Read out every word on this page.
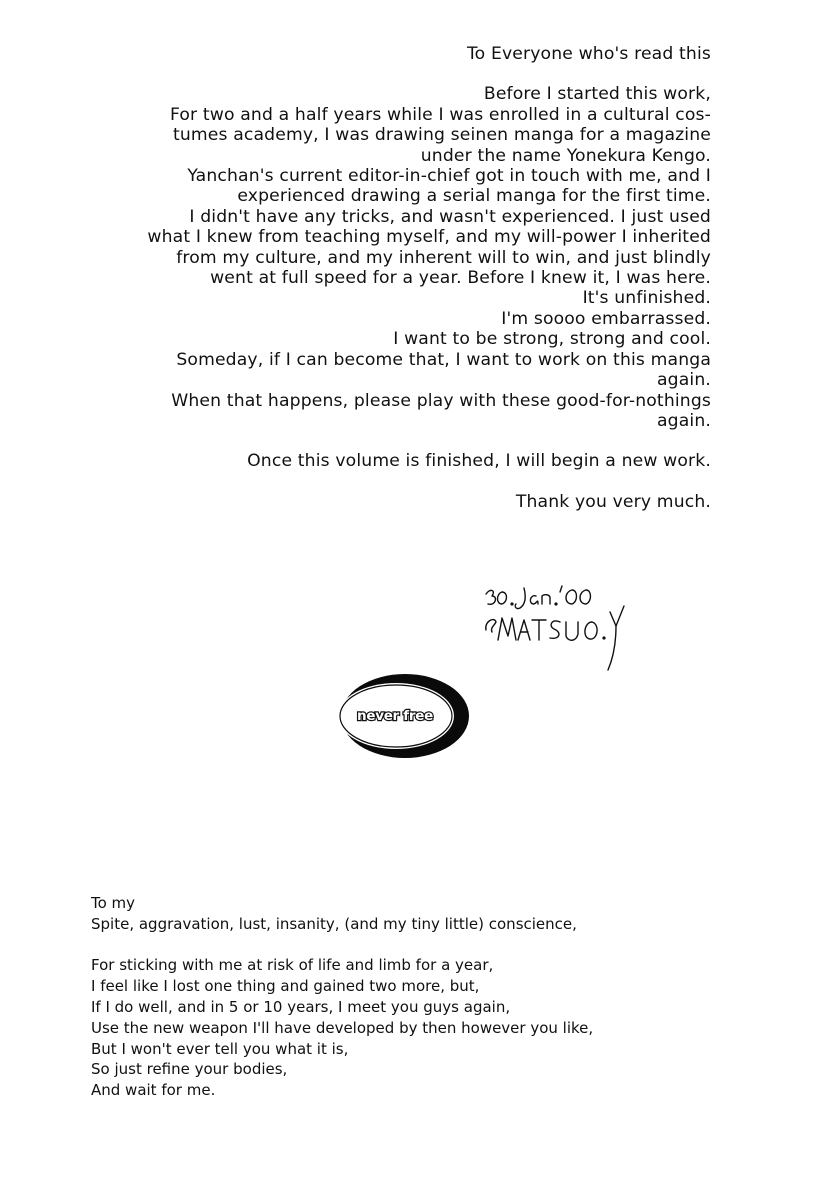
To Everyone who's read this
Before I started this work,
For two and a half years while I was enrolled in a cultural cos-
tumes academy, I was drawing seinen manga for a magazine
under the name Yonekura Kengo.
Yanchan's current editor-in-chief got in touch with me, and I
experienced drawing a serial manga for the first time.
I didn't have any tricks, and wasn't experienced. I just used
what I knew from teaching myself, and my will-power I inherited
from my culture, and my inherent will to win, and just blindly
went at full speed for a year. Before I knew it, I was here.
It's unfinished.
I'm soooo embarrassed.
I want to be strong, strong and cool.
Someday, if I can become that, I want to work on this manga
again.
When that happens, please play with these good-for-nothings
again.
Once this volume is finished, I will begin a new work.
Thank you very much.
never free
To my
Spite, aggravation, lust, insanity, (and my tiny little) conscience,
For sticking with me at risk of life and limb for a year,
I feel like I lost one thing and gained two more, but,
If I do well, and in 5 or 10 years, I meet you guys again,
Use the new weapon I'll have developed by then however you like,
But I won't ever tell you what it is,
So just refine your bodies,
And wait for me.
